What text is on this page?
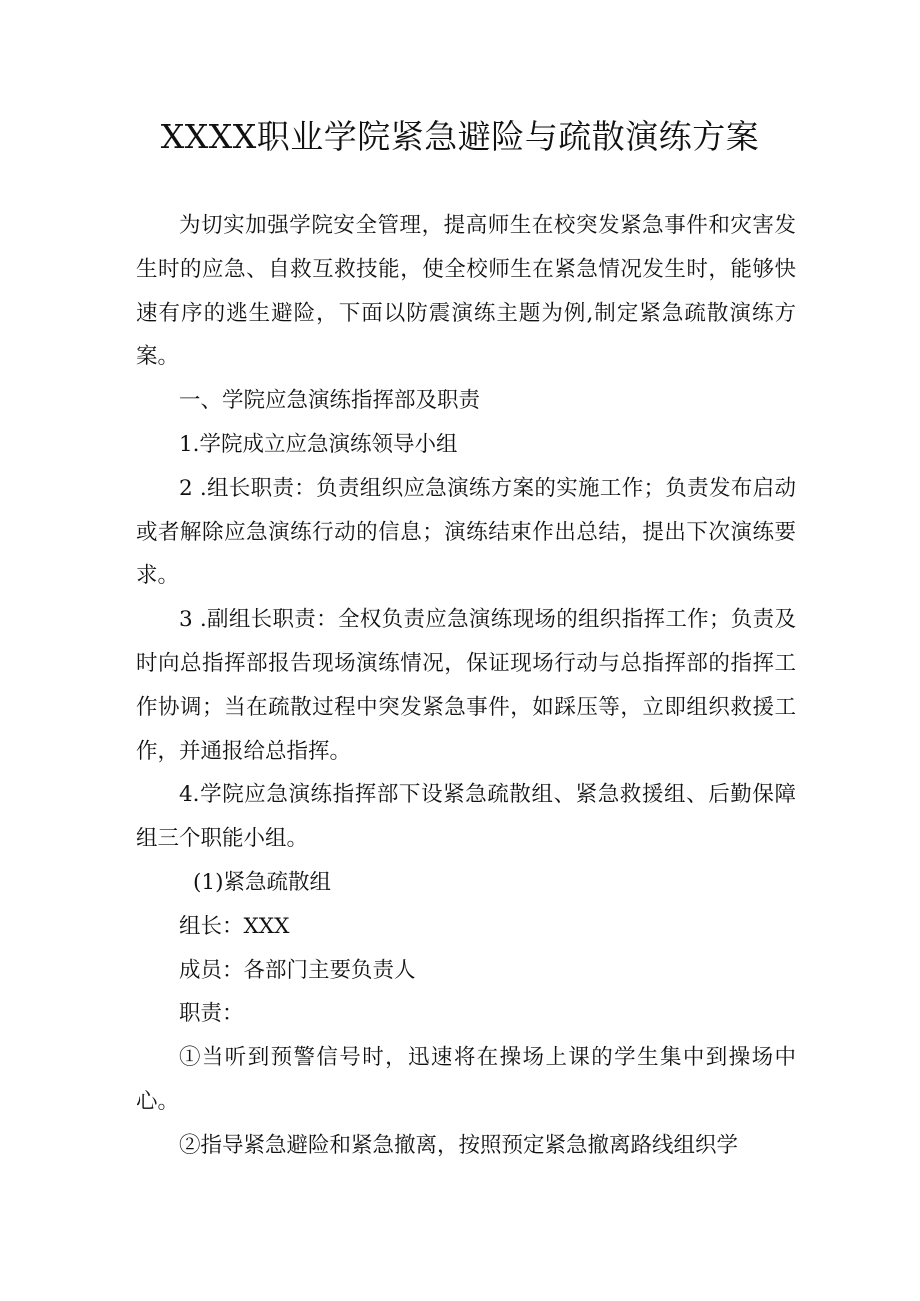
XXXX职业学院紧急避险与疏散演练方案

为切实加强学院安全管理，提高师生在校突发紧急事件和灾害发生时的应急、自救互救技能，使全校师生在紧急情况发生时，能够快速有序的逃生避险，下面以防震演练主题为例,制定紧急疏散演练方案。

一、学院应急演练指挥部及职责

1.学院成立应急演练领导小组

2 .组长职责：负责组织应急演练方案的实施工作；负责发布启动或者解除应急演练行动的信息；演练结束作出总结，提出下次演练要求。

3 .副组长职责：全权负责应急演练现场的组织指挥工作；负责及时向总指挥部报告现场演练情况，保证现场行动与总指挥部的指挥工作协调；当在疏散过程中突发紧急事件，如踩压等，立即组织救援工作，并通报给总指挥。

4.学院应急演练指挥部下设紧急疏散组、紧急救援组、后勤保障组三个职能小组。

(1)紧急疏散组

组长：XXX

成员：各部门主要负责人

职责：

①当听到预警信号时，迅速将在操场上课的学生集中到操场中心。

②指导紧急避险和紧急撤离，按照预定紧急撤离路线组织学
